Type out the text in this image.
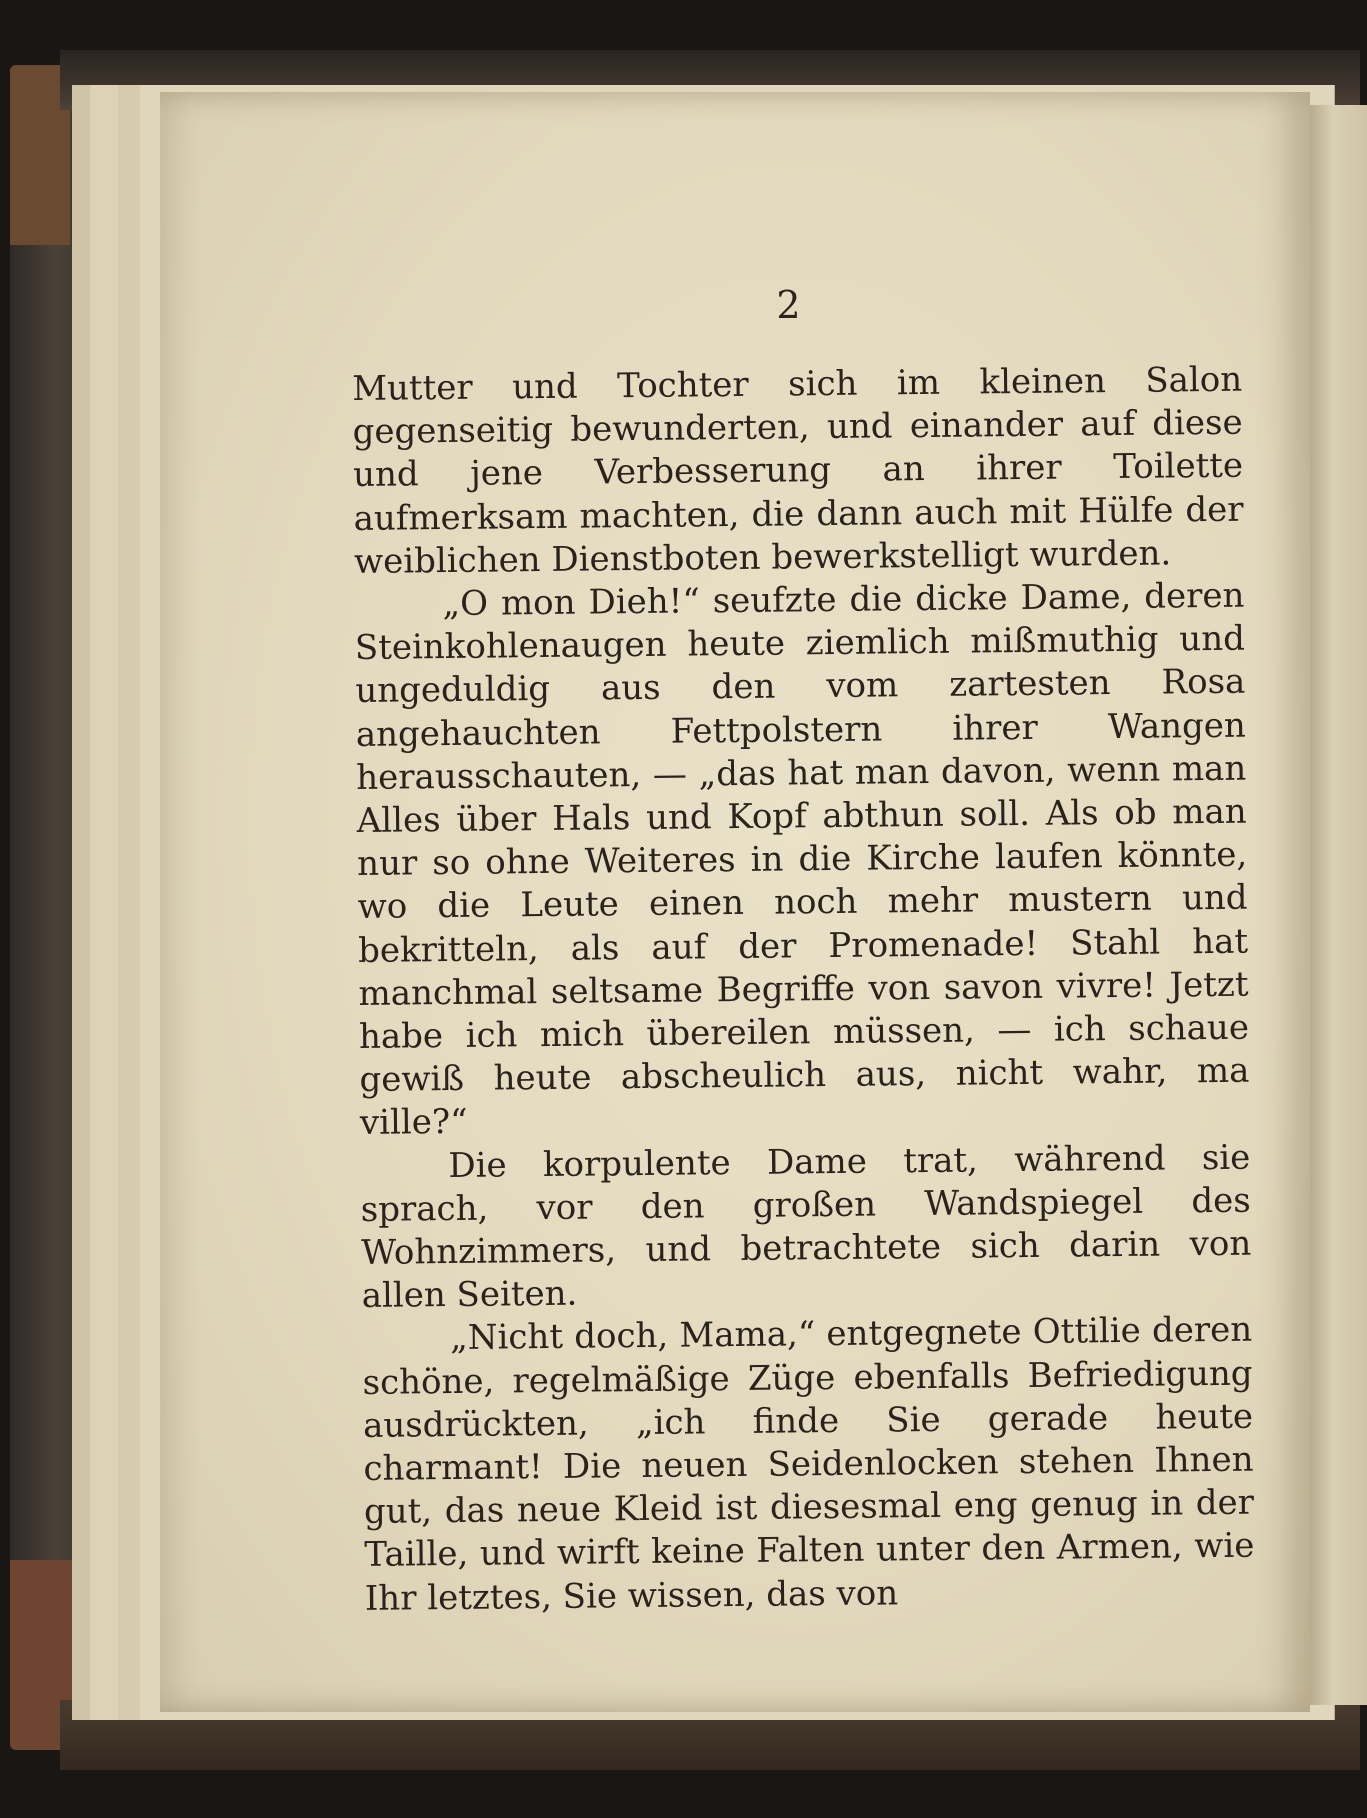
2

Mutter und Tochter sich im kleinen Salon gegenseitig bewunderten, und einander auf diese und jene Verbesserung an ihrer Toilette aufmerksam machten, die dann auch mit Hülfe der weiblichen Dienstboten bewerkstelligt wurden.

„O mon Dieh!“ seufzte die dicke Dame, deren Steinkohlenaugen heute ziemlich mißmuthig und ungeduldig aus den vom zartesten Rosa angehauchten Fettpolstern ihrer Wangen herausschauten, — „das hat man davon, wenn man Alles über Hals und Kopf abthun soll. Als ob man nur so ohne Weiteres in die Kirche laufen könnte, wo die Leute einen noch mehr mustern und bekritteln, als auf der Promenade! Stahl hat manchmal seltsame Begriffe von savon vivre! Jetzt habe ich mich übereilen müssen, — ich schaue gewiß heute abscheulich aus, nicht wahr, ma ville?“

Die korpulente Dame trat, während sie sprach, vor den großen Wandspiegel des Wohnzimmers, und betrachtete sich darin von allen Seiten.

„Nicht doch, Mama,“ entgegnete Ottilie deren schöne, regelmäßige Züge ebenfalls Befriedigung ausdrückten, „ich finde Sie gerade heute charmant! Die neuen Seidenlocken stehen Ihnen gut, das neue Kleid ist diesesmal eng genug in der Taille, und wirft keine Falten unter den Armen, wie Ihr letztes, Sie wissen, das von
